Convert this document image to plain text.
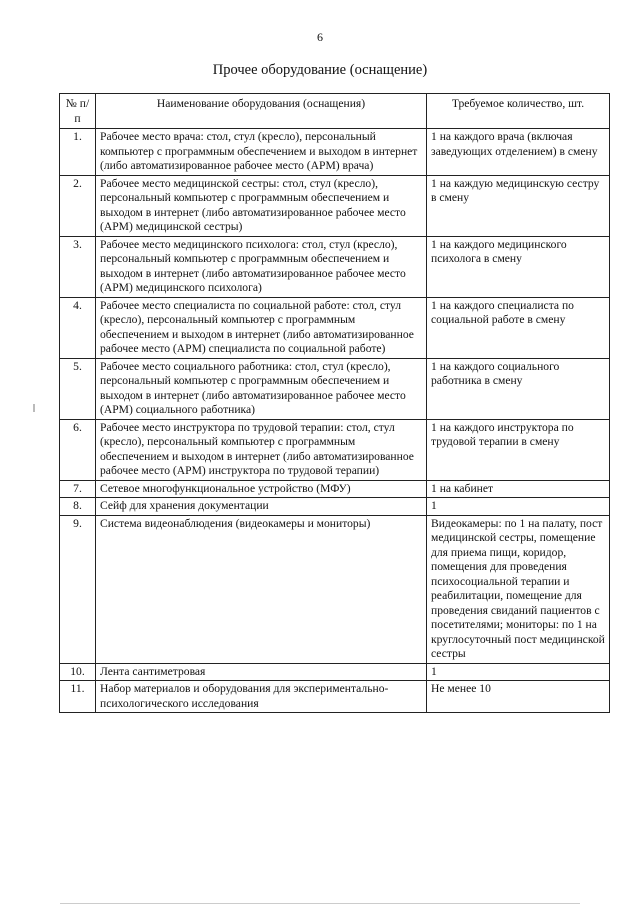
6
Прочее оборудование (оснащение)
№ п/п	Наименование оборудования (оснащения)	Требуемое количество, шт.
1.	Рабочее место врача: стол, стул (кресло), персональный компьютер с программным обеспечением и выходом в интернет (либо автоматизированное рабочее место (АРМ) врача)	1 на каждого врача (включая заведующих отделением) в смену
2.	Рабочее место медицинской сестры: стол, стул (кресло), персональный компьютер с программным обеспечением и выходом в интернет (либо автоматизированное рабочее место (АРМ) медицинской сестры)	1 на каждую медицинскую сестру в смену
3.	Рабочее место медицинского психолога: стол, стул (кресло), персональный компьютер с программным обеспечением и выходом в интернет (либо автоматизированное рабочее место (АРМ) медицинского психолога)	1 на каждого медицинского психолога в смену
4.	Рабочее место специалиста по социальной работе: стол, стул (кресло), персональный компьютер с программным обеспечением и выходом в интернет (либо автоматизированное рабочее место (АРМ) специалиста по социальной работе)	1 на каждого специалиста по социальной работе в смену
5.	Рабочее место социального работника: стол, стул (кресло), персональный компьютер с программным обеспечением и выходом в интернет (либо автоматизированное рабочее место (АРМ) социального работника)	1 на каждого социального работника в смену
6.	Рабочее место инструктора по трудовой терапии: стол, стул (кресло), персональный компьютер с программным обеспечением и выходом в интернет (либо автоматизированное рабочее место (АРМ) инструктора по трудовой терапии)	1 на каждого инструктора по трудовой терапии в смену
7.	Сетевое многофункциональное устройство (МФУ)	1 на кабинет
8.	Сейф для хранения документации	1
9.	Система видеонаблюдения (видеокамеры и мониторы)	Видеокамеры: по 1 на палату, пост медицинской сестры, помещение для приема пищи, коридор, помещения для проведения психосоциальной терапии и реабилитации, помещение для проведения свиданий пациентов с посетителями; мониторы: по 1 на круглосуточный пост медицинской сестры
10.	Лента сантиметровая	1
11.	Набор материалов и оборудования для экспериментально-психологического исследования	Не менее 10
